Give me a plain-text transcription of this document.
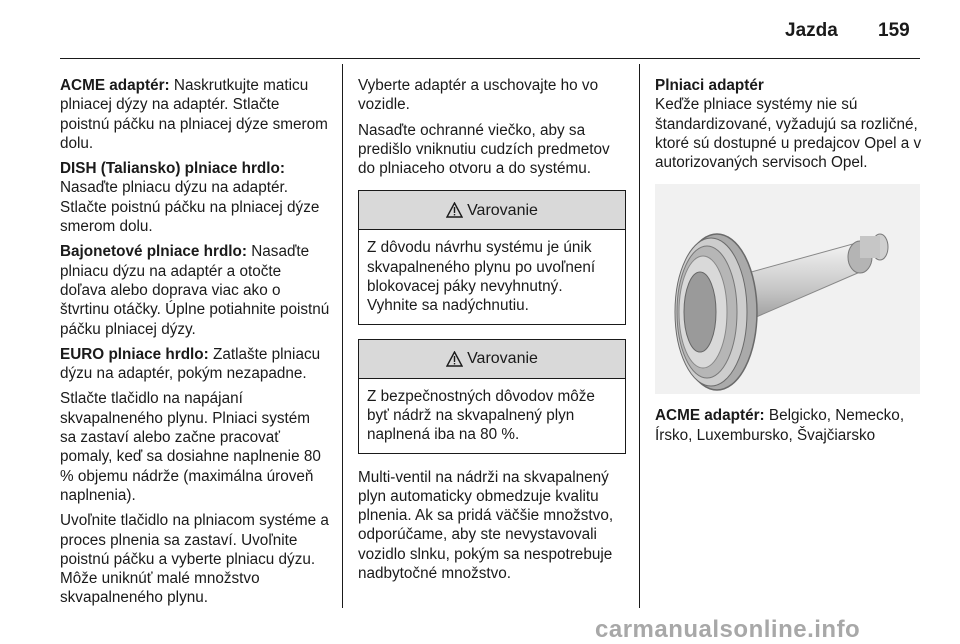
Jazda 159

ACME adaptér: Naskrutkujte maticu plniacej dýzy na adaptér. Stlačte poistnú páčku na plniacej dýze smerom dolu.

DISH (Taliansko) plniace hrdlo: Nasaďte plniacu dýzu na adaptér. Stlačte poistnú páčku na plniacej dýze smerom dolu.

Bajonetové plniace hrdlo: Nasaďte plniacu dýzu na adaptér a otočte doľava alebo doprava viac ako o štvrtinu otáčky. Úplne potiahnite poistnú páčku plniacej dýzy.

EURO plniace hrdlo: Zatlašte plniacu dýzu na adaptér, pokým nezapadne.

Stlačte tlačidlo na napájaní skvapalneného plynu. Plniaci systém sa zastaví alebo začne pracovať pomaly, keď sa dosiahne naplnenie 80 % objemu nádrže (maximálna úroveň naplnenia).

Uvoľnite tlačidlo na plniacom systéme a proces plnenia sa zastaví. Uvoľnite poistnú páčku a vyberte plniacu dýzu. Môže uniknúť malé množstvo skvapalneného plynu.

Vyberte adaptér a uschovajte ho vo vozidle.

Nasaďte ochranné viečko, aby sa predišlo vniknutiu cudzích predmetov do plniaceho otvoru a do systému.

Varovanie
Z dôvodu návrhu systému je únik skvapalneného plynu po uvoľnení blokovacej páky nevyhnutný. Vyhnite sa nadýchnutiu.
Varovanie
Z bezpečnostných dôvodov môže byť nádrž na skvapalnený plyn naplnená iba na 80 %.

Multi-ventil na nádrži na skvapalnený plyn automaticky obmedzuje kvalitu plnenia. Ak sa pridá väčšie množstvo, odporúčame, aby ste nevystavovali vozidlo slnku, pokým sa nespotrebuje nadbytočné množstvo.

Plniaci adaptér

Keďže plniace systémy nie sú štandardizované, vyžadujú sa rozličné, ktoré sú dostupné u predajcov Opel a v autorizovaných servisoch Opel.

ACME adaptér: Belgicko, Nemecko, Írsko, Luxembursko, Švajčiarsko

carmanualsonline.info
